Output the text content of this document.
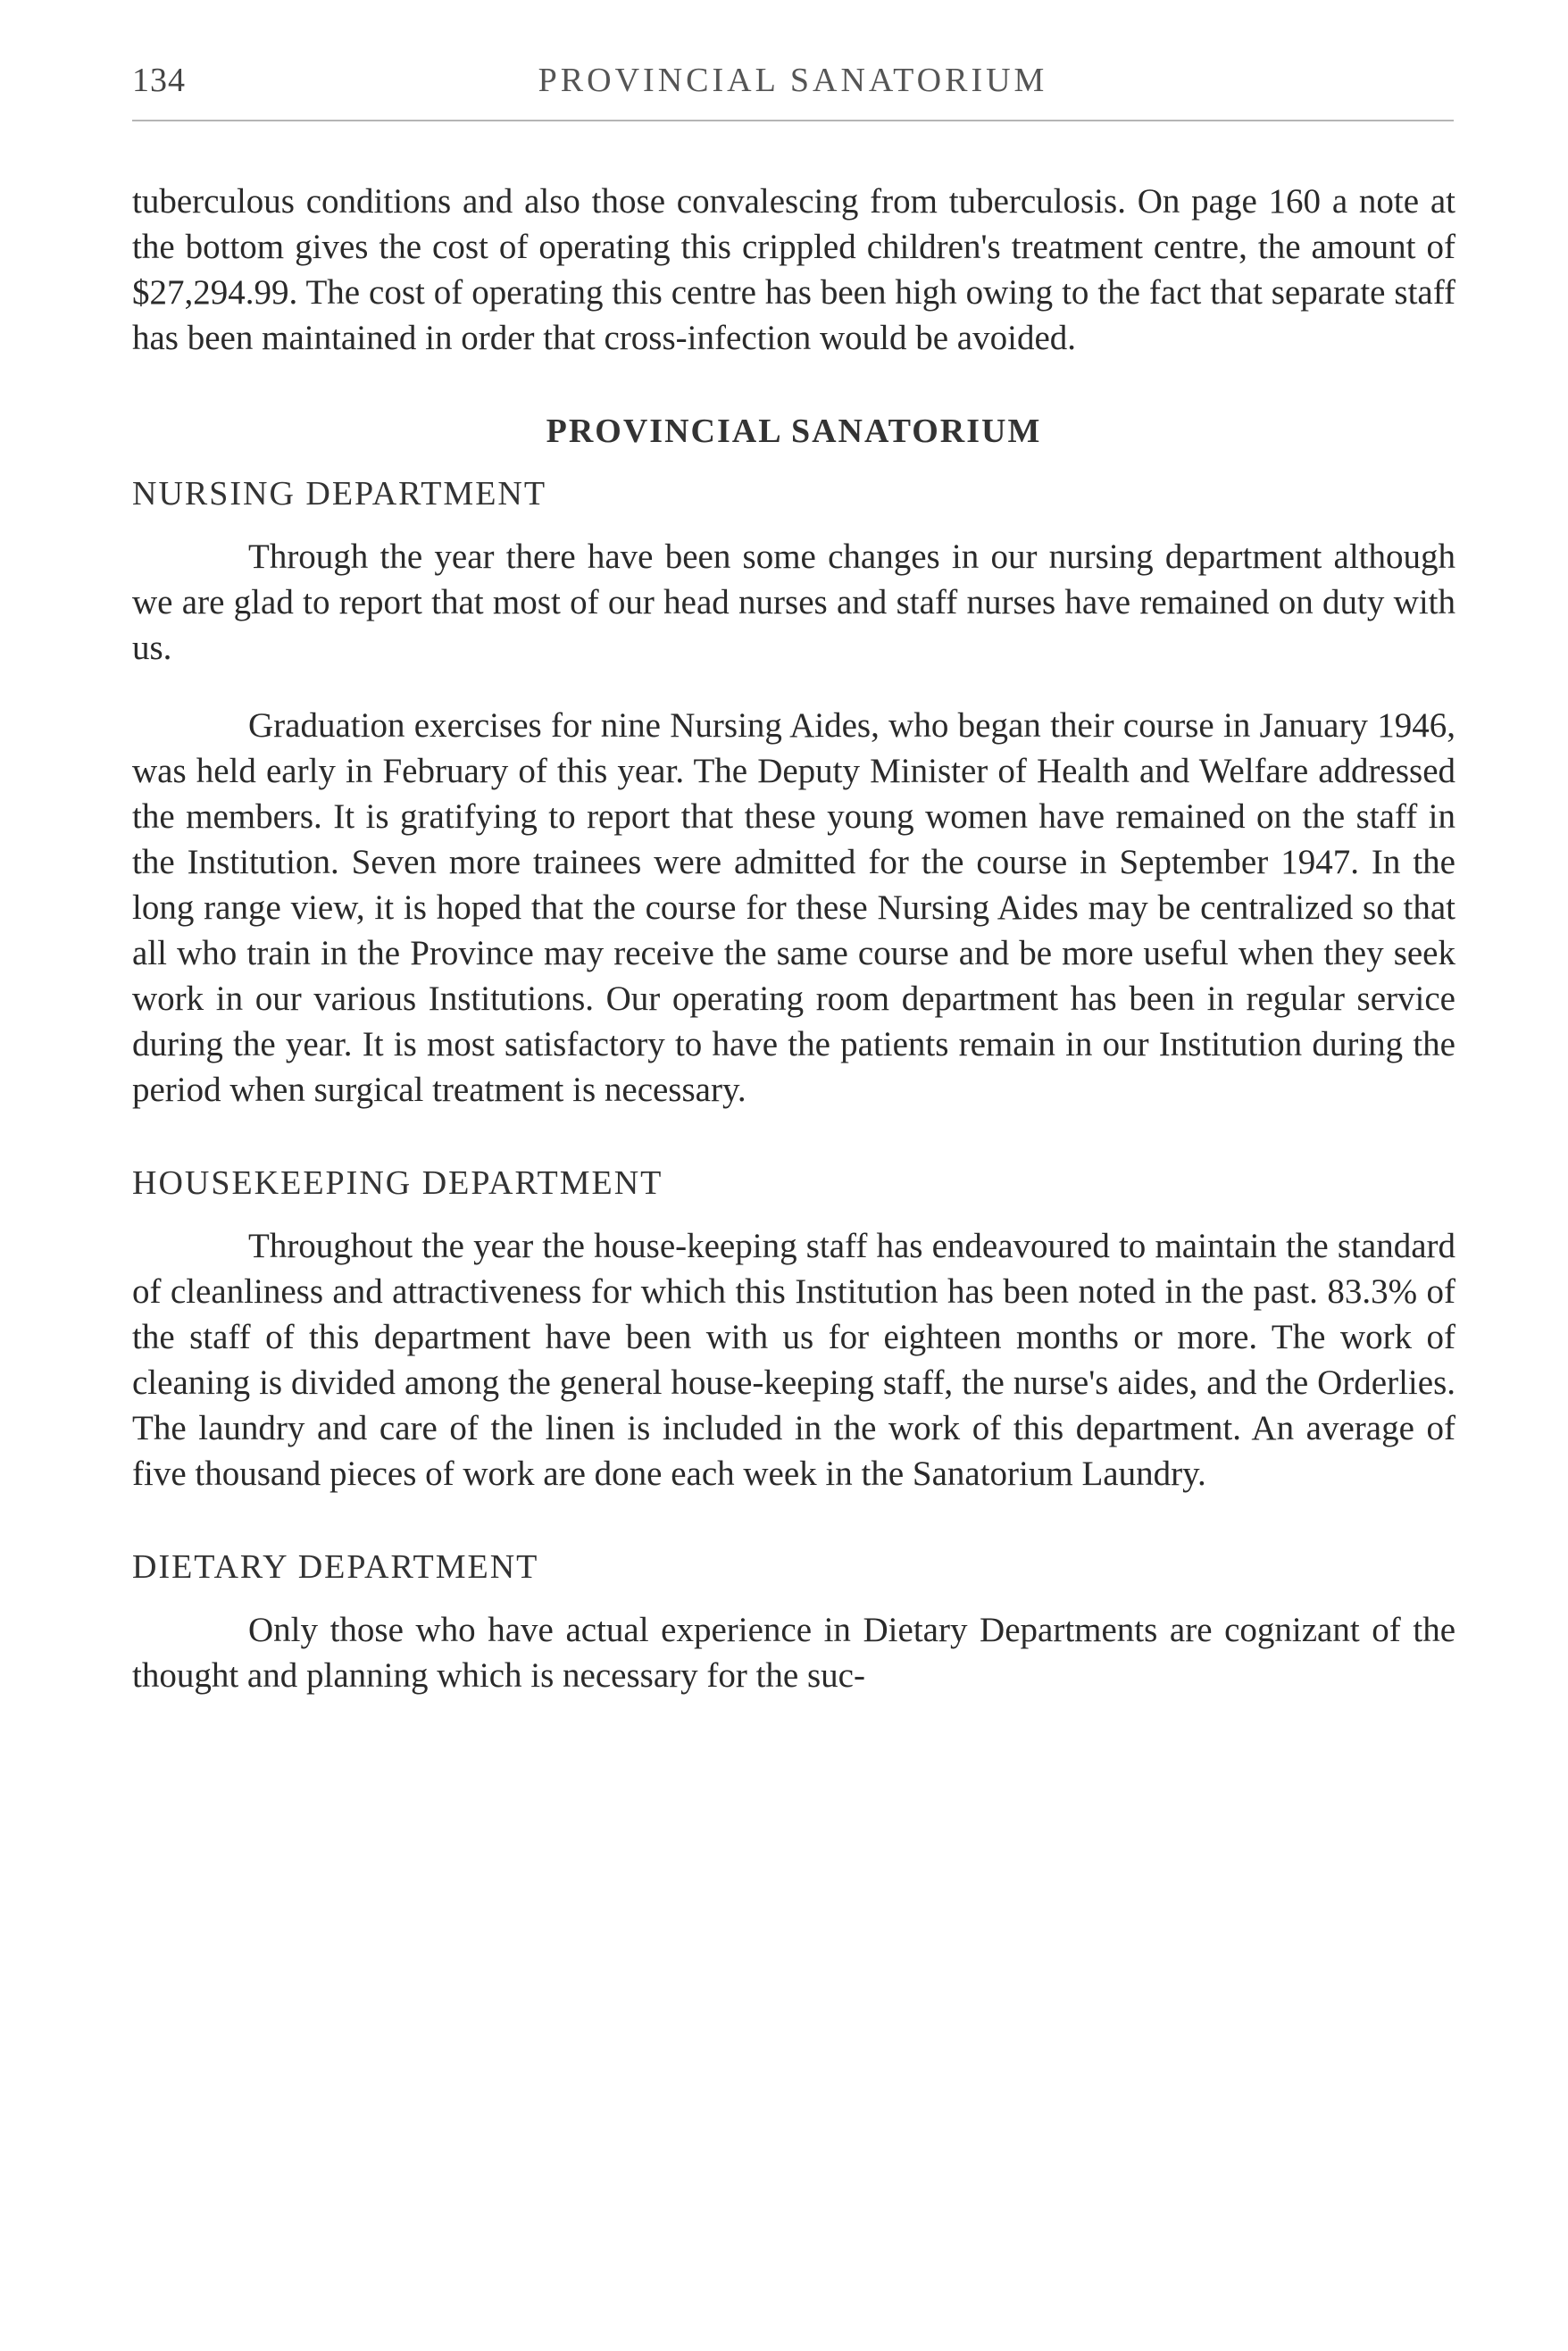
134	PROVINCIAL SANATORIUM

tuberculous conditions and also those convalescing from tuberculosis. On page 160 a note at the bottom gives the cost of operating this crippled children's treatment centre, the amount of $27,294.99. The cost of operating this centre has been high owing to the fact that separate staff has been maintained in order that cross-infection would be avoided.

PROVINCIAL SANATORIUM
NURSING DEPARTMENT

Through the year there have been some changes in our nursing department although we are glad to report that most of our head nurses and staff nurses have remained on duty with us.

Graduation exercises for nine Nursing Aides, who began their course in January 1946, was held early in February of this year. The Deputy Minister of Health and Welfare addressed the members. It is gratifying to report that these young women have remained on the staff in the Institution. Seven more trainees were admitted for the course in September 1947. In the long range view, it is hoped that the course for these Nursing Aides may be centralized so that all who train in the Province may receive the same course and be more useful when they seek work in our various Institutions. Our operating room department has been in regular service during the year. It is most satisfactory to have the patients remain in our Institution during the period when surgical treatment is necessary.

HOUSEKEEPING DEPARTMENT

Throughout the year the house-keeping staff has endeavoured to maintain the standard of cleanliness and attractiveness for which this Institution has been noted in the past. 83.3% of the staff of this department have been with us for eighteen months or more. The work of cleaning is divided among the general house-keeping staff, the nurse's aides, and the Orderlies. The laundry and care of the linen is included in the work of this department. An average of five thousand pieces of work are done each week in the Sanatorium Laundry.

DIETARY DEPARTMENT

Only those who have actual experience in Dietary Departments are cognizant of the thought and planning which is necessary for the suc-
